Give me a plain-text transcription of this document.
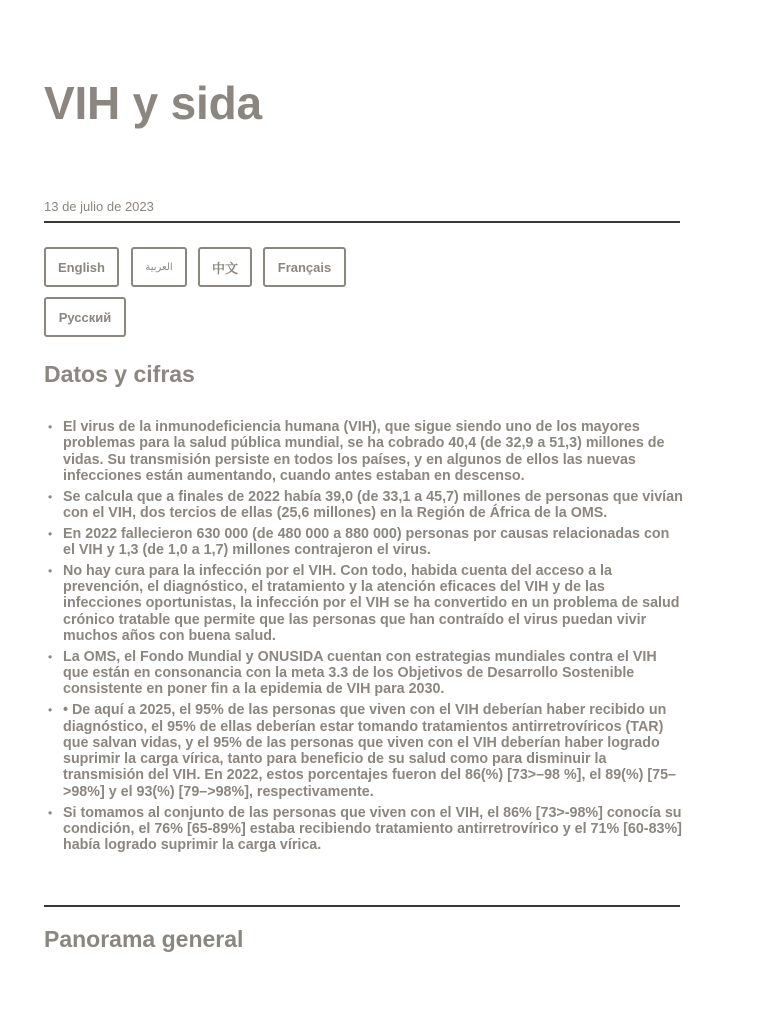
VIH y sida
13 de julio de 2023
English	العربية	中文	Français
Русский
Datos y cifras
• El virus de la inmunodeficiencia humana (VIH), que sigue siendo uno de los mayores problemas para la salud pública mundial, se ha cobrado 40,4 (de 32,9 a 51,3) millones de vidas. Su transmisión persiste en todos los países, y en algunos de ellos las nuevas infecciones están aumentando, cuando antes estaban en descenso.
• Se calcula que a finales de 2022 había 39,0 (de 33,1 a 45,7) millones de personas que vivían con el VIH, dos tercios de ellas (25,6 millones) en la Región de África de la OMS.
• En 2022 fallecieron 630 000 (de 480 000 a 880 000) personas por causas relacionadas con el VIH y 1,3 (de 1,0 a 1,7) millones contrajeron el virus.
• No hay cura para la infección por el VIH. Con todo, habida cuenta del acceso a la prevención, el diagnóstico, el tratamiento y la atención eficaces del VIH y de las infecciones oportunistas, la infección por el VIH se ha convertido en un problema de salud crónico tratable que permite que las personas que han contraído el virus puedan vivir muchos años con buena salud.
• La OMS, el Fondo Mundial y ONUSIDA cuentan con estrategias mundiales contra el VIH que están en consonancia con la meta 3.3 de los Objetivos de Desarrollo Sostenible consistente en poner fin a la epidemia de VIH para 2030.
• • De aquí a 2025, el 95% de las personas que viven con el VIH deberían haber recibido un diagnóstico, el 95% de ellas deberían estar tomando tratamientos antirretrovíricos (TAR) que salvan vidas, y el 95% de las personas que viven con el VIH deberían haber logrado suprimir la carga vírica, tanto para beneficio de su salud como para disminuir la transmisión del VIH. En 2022, estos porcentajes fueron del 86(%) [73>–98 %], el 89(%) [75–>98%] y el 93(%) [79–>98%], respectivamente.
• Si tomamos al conjunto de las personas que viven con el VIH, el 86% [73>-98%] conocía su condición, el 76% [65-89%] estaba recibiendo tratamiento antirretrovírico y el 71% [60-83%] había logrado suprimir la carga vírica.
Panorama general
